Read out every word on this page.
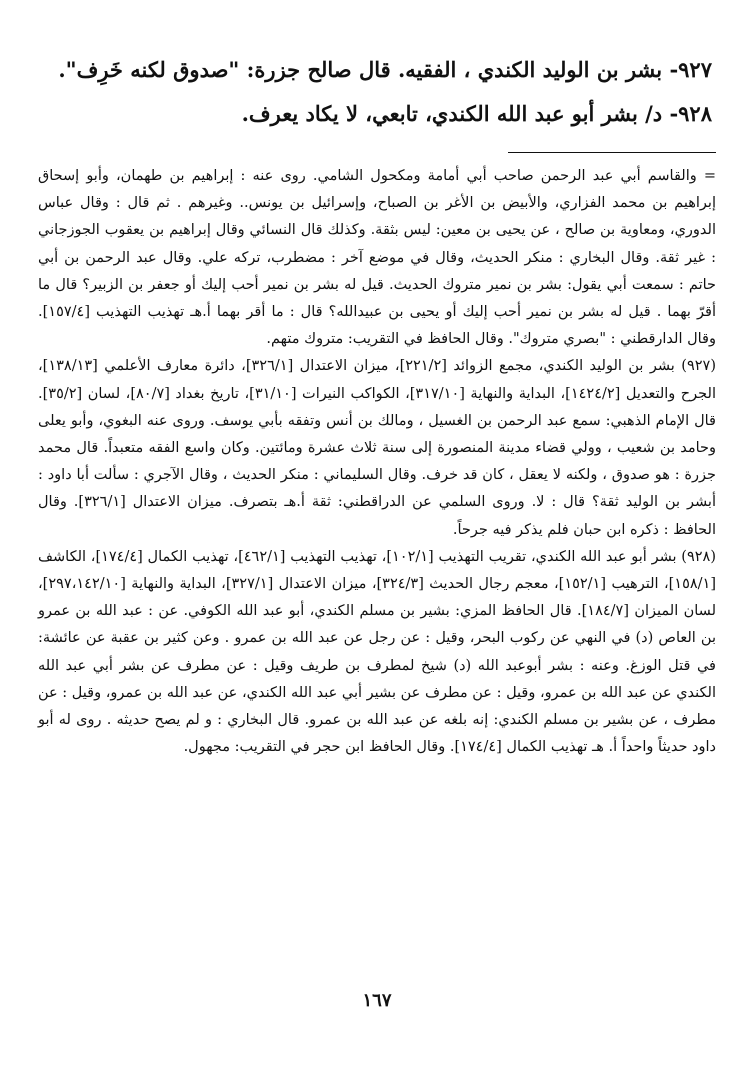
٩٢٧- بشر بن الوليد الكندي ، الفقيه. قال صالح جزرة: "صدوق لكنه خَرِف".
٩٢٨- د/ بشر أبو عبد الله الكندي، تابعي، لا يكاد يعرف.

= والقاسم أبي عبد الرحمن صاحب أبي أمامة ومكحول الشامي. روى عنه : إبراهيم بن طهمان، وأبو إسحاق إبراهيم بن محمد الفزاري، والأبيض بن الأغر بن الصباح، وإسرائيل بن يونس.. وغيرهم . ثم قال : وقال عباس الدوري، ومعاوية بن صالح ، عن يحيى بن معين: ليس بثقة. وكذلك قال النسائي وقال إبراهيم بن يعقوب الجوزجاني : غير ثقة. وقال البخاري : منكر الحديث، وقال في موضع آخر : مضطرب، تركه علي. وقال عبد الرحمن بن أبي حاتم : سمعت أبي يقول: بشر بن نمير متروك الحديث. قيل له بشر بن نمير أحب إليك أو جعفر بن الزبير؟ قال ما أقرّ بهما . قيل له بشر بن نمير أحب إليك أو يحيى بن عبيدالله؟ قال : ما أقر بهما أ.هـ تهذيب التهذيب [١٥٧/٤]. وقال الدارقطني : "بصري متروك". وقال الحافظ في التقريب: متروك متهم.

(٩٢٧) بشر بن الوليد الكندي، مجمع الزوائد [٢٢١/٢]، ميزان الاعتدال [٣٢٦/١]، دائرة معارف الأعلمي [١٣٨/١٣]، الجرح والتعديل [١٤٢٤/٢]، البداية والنهاية [٣١٧/١٠]، الكواكب النيرات [٣١/١٠]، تاريخ بغداد [٨٠/٧]، لسان [٣٥/٢]. قال الإمام الذهبي: سمع عبد الرحمن بن الغسيل ، ومالك بن أنس وتفقه بأبي يوسف. وروى عنه البغوي، وأبو يعلى وحامد بن شعيب ، وولي قضاء مدينة المنصورة إلى سنة ثلاث عشرة ومائتين. وكان واسع الفقه متعبداً. قال محمد جزرة : هو صدوق ، ولكنه لا يعقل ، كان قد خرف. وقال السليماني : منكر الحديث ، وقال الآجري : سألت أبا داود : أبشر بن الوليد ثقة؟ قال : لا. وروى السلمي عن الدراقطني: ثقة أ.هـ بتصرف. ميزان الاعتدال [٣٢٦/١]. وقال الحافظ : ذكره ابن حبان فلم يذكر فيه جرحاً.

(٩٢٨) بشر أبو عبد الله الكندي، تقريب التهذيب [١٠٢/١]، تهذيب التهذيب [٤٦٢/١]، تهذيب الكمال [١٧٤/٤]، الكاشف [١٥٨/١]، الترهيب [١٥٢/١]، معجم رجال الحديث [٣٢٤/٣]، ميزان الاعتدال [٣٢٧/١]، البداية والنهاية [٢٩٧،١٤٢/١٠]، لسان الميزان [١٨٤/٧]. قال الحافظ المزي: بشير بن مسلم الكندي، أبو عبد الله الكوفي. عن : عبد الله بن عمرو بن العاص (د) في النهي عن ركوب البحر، وقيل : عن رجل عن عبد الله بن عمرو . وعن كثير بن عقبة عن عائشة: في قتل الوزغ. وعنه : بشر أبوعبد الله (د) شيخ لمطرف بن طريف وقيل : عن مطرف عن بشر أبي عبد الله الكندي عن عبد الله بن عمرو، وقيل : عن مطرف عن بشير أبي عبد الله الكندي، عن عبد الله بن عمرو، وقيل : عن مطرف ، عن بشير بن مسلم الكندي: إنه بلغه عن عبد الله بن عمرو. قال البخاري : و لم يصح حديثه . روى له أبو داود حديثاً واحداً أ. هـ تهذيب الكمال [١٧٤/٤]. وقال الحافظ ابن حجر في التقريب: مجهول.

١٦٧
